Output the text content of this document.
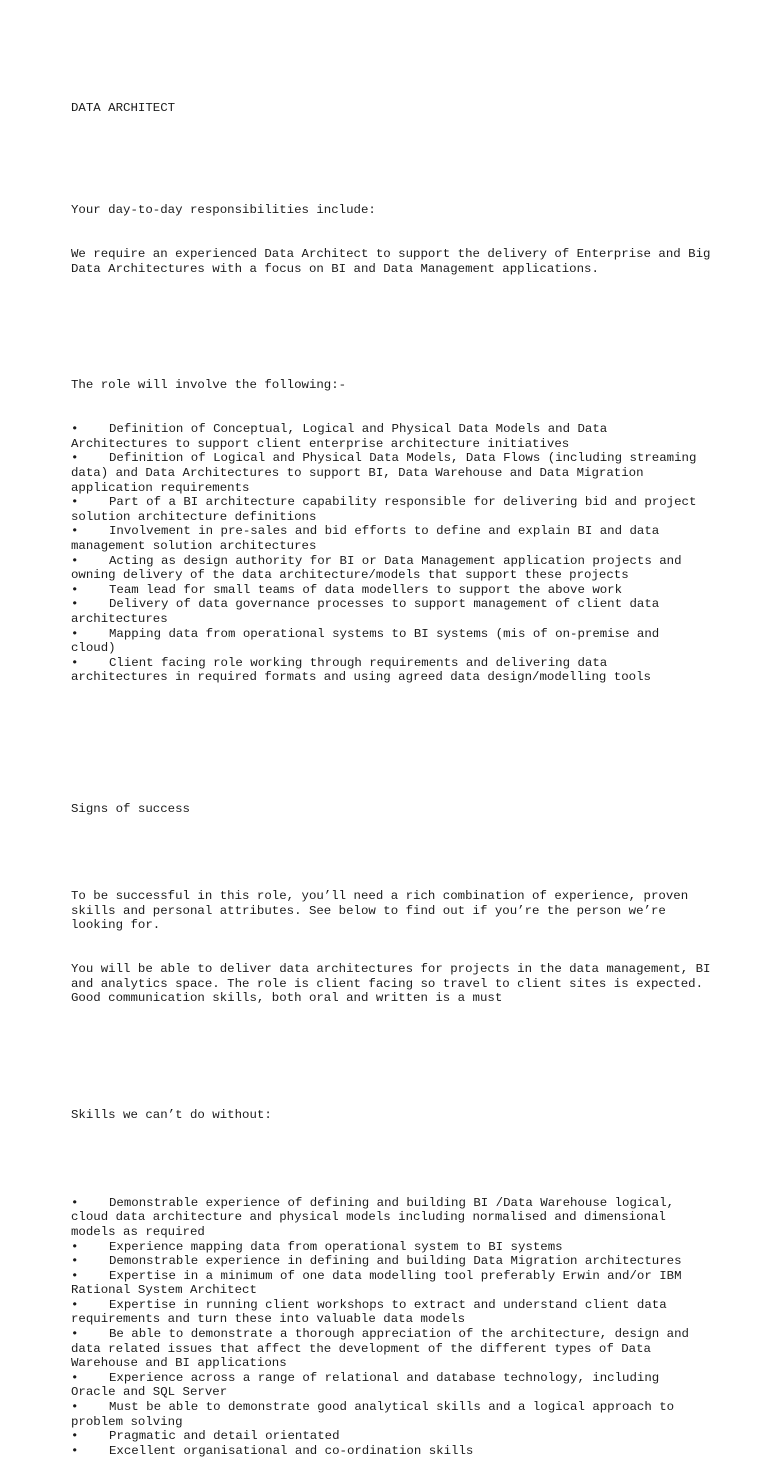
DATA ARCHITECT

Your day-to-day responsibilities include:

We require an experienced Data Architect to support the delivery of Enterprise and Big Data Architectures with a focus on BI and Data Management applications.

The role will involve the following:-

• Definition of Conceptual, Logical and Physical Data Models and Data Architectures to support client enterprise architecture initiatives
• Definition of Logical and Physical Data Models, Data Flows (including streaming data) and Data Architectures to support BI, Data Warehouse and Data Migration application requirements
• Part of a BI architecture capability responsible for delivering bid and project solution architecture definitions
• Involvement in pre-sales and bid efforts to define and explain BI and data management solution architectures
• Acting as design authority for BI or Data Management application projects and owning delivery of the data architecture/models that support these projects
• Team lead for small teams of data modellers to support the above work
• Delivery of data governance processes to support management of client data architectures
• Mapping data from operational systems to BI systems (mis of on-premise and cloud)
• Client facing role working through requirements and delivering data architectures in required formats and using agreed data design/modelling tools

Signs of success

To be successful in this role, you’ll need a rich combination of experience, proven skills and personal attributes. See below to find out if you’re the person we’re looking for.

You will be able to deliver data architectures for projects in the data management, BI and analytics space. The role is client facing so travel to client sites is expected. Good communication skills, both oral and written is a must

Skills we can’t do without:

• Demonstrable experience of defining and building BI /Data Warehouse logical, cloud data architecture and physical models including normalised and dimensional models as required
• Experience mapping data from operational system to BI systems
• Demonstrable experience in defining and building Data Migration architectures
• Expertise in a minimum of one data modelling tool preferably Erwin and/or IBM Rational System Architect
• Expertise in running client workshops to extract and understand client data requirements and turn these into valuable data models
• Be able to demonstrate a thorough appreciation of the architecture, design and data related issues that affect the development of the different types of Data Warehouse and BI applications
• Experience across a range of relational and database technology, including Oracle and SQL Server
• Must be able to demonstrate good analytical skills and a logical approach to problem solving
• Pragmatic and detail orientated
• Excellent organisational and co-ordination skills
